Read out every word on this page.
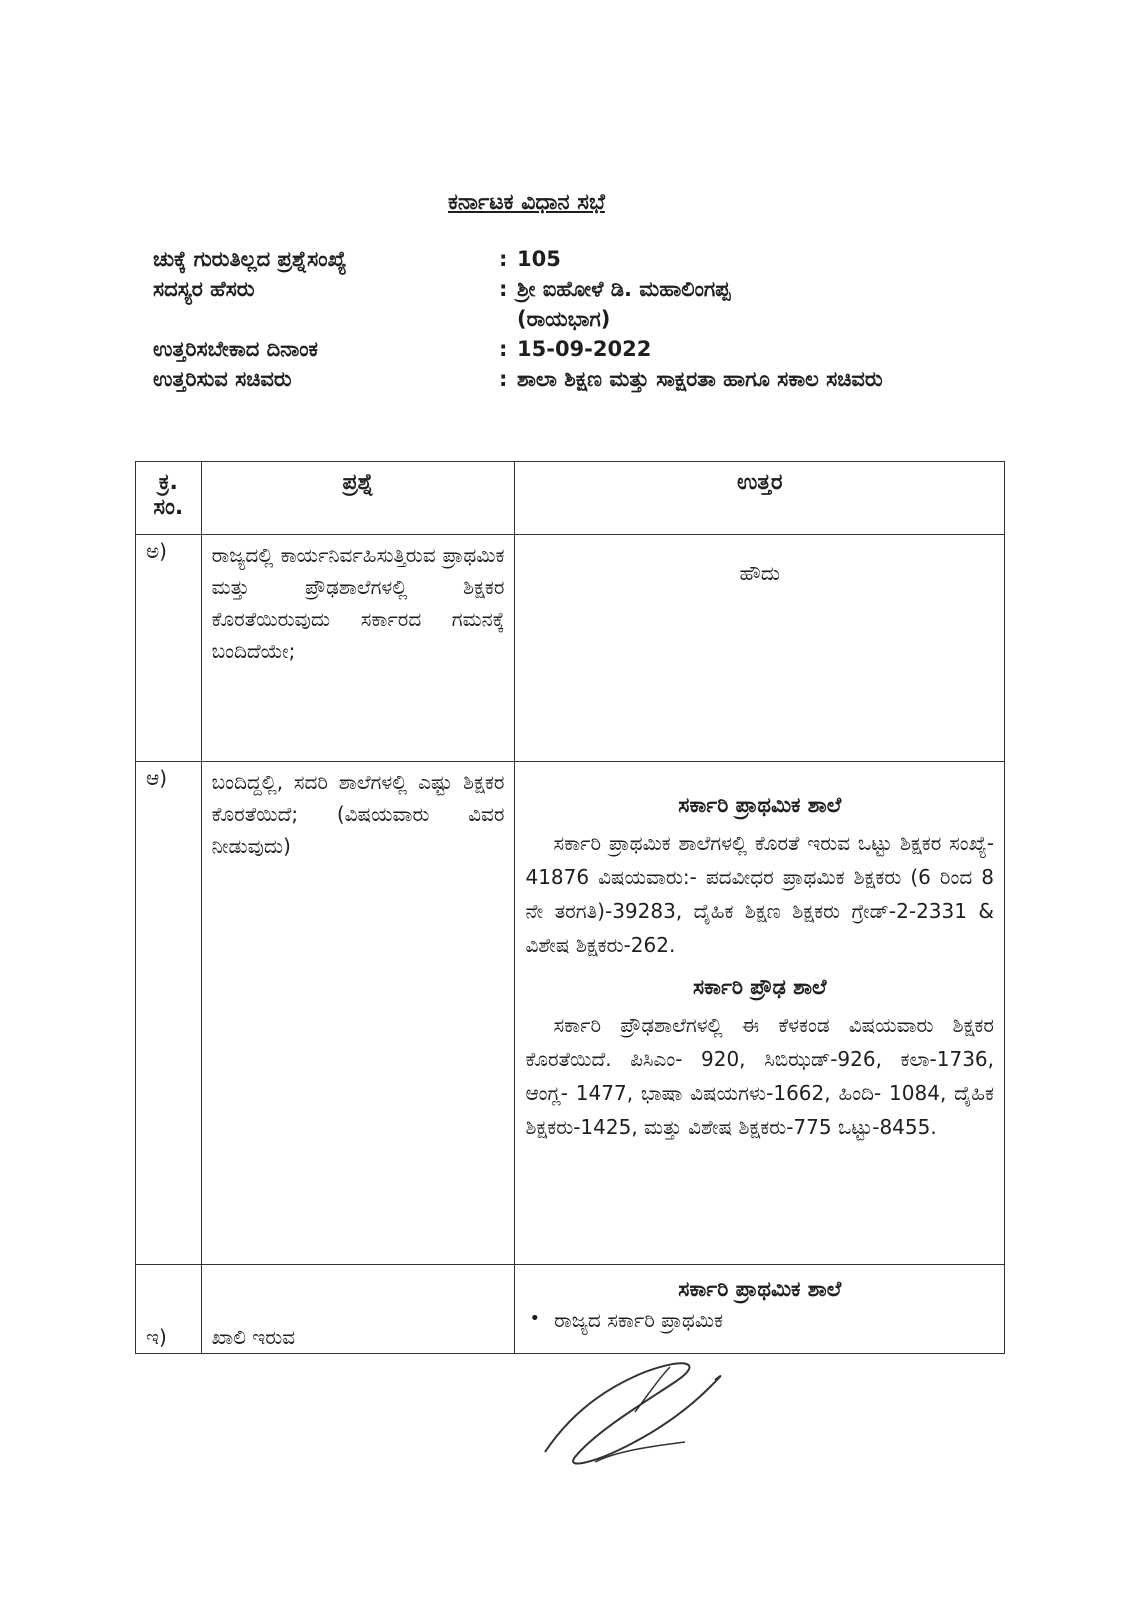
ಕರ್ನಾಟಕ ವಿಧಾನ ಸಭೆ
ಚುಕ್ಕೆ ಗುರುತಿಲ್ಲದ ಪ್ರಶ್ನೆಸಂಖ್ಯೆ	: 105
ಸದಸ್ಯರ ಹೆಸರು	: ಶ್ರೀ ಐಹೋಳೆ ಡಿ. ಮಹಾಲಿಂಗಪ್ಪ
(ರಾಯಭಾಗ)
ಉತ್ತರಿಸಬೇಕಾದ ದಿನಾಂಕ	: 15-09-2022
ಉತ್ತರಿಸುವ ಸಚಿವರು	: ಶಾಲಾ ಶಿಕ್ಷಣ ಮತ್ತು ಸಾಕ್ಷರತಾ ಹಾಗೂ ಸಕಾಲ ಸಚಿವರು
ಕ್ರ. ಸಂ.	ಪ್ರಶ್ನೆ	ಉತ್ತರ
ಅ)	ರಾಜ್ಯದಲ್ಲಿ ಕಾರ್ಯನಿರ್ವಹಿಸುತ್ತಿರುವ ಪ್ರಾಥಮಿಕ ಮತ್ತು ಪ್ರೌಢಶಾಲೆಗಳಲ್ಲಿ ಶಿಕ್ಷಕರ ಕೊರತೆಯಿರುವುದು ಸರ್ಕಾರದ ಗಮನಕ್ಕೆ ಬಂದಿದೆಯೇ;	ಹೌದು
ಆ)	ಬಂದಿದ್ದಲ್ಲಿ, ಸದರಿ ಶಾಲೆಗಳಲ್ಲಿ ಎಷ್ಟು ಶಿಕ್ಷಕರ ಕೊರತೆಯಿದೆ; (ವಿಷಯವಾರು ವಿವರ ನೀಡುವುದು)	ಸರ್ಕಾರಿ ಪ್ರಾಥಮಿಕ ಶಾಲೆ

ಸರ್ಕಾರಿ ಪ್ರಾಥಮಿಕ ಶಾಲೆಗಳಲ್ಲಿ ಕೊರತೆ ಇರುವ ಒಟ್ಟು ಶಿಕ್ಷಕರ ಸಂಖ್ಯೆ- 41876 ವಿಷಯವಾರು:- ಪದವೀಧರ ಪ್ರಾಥಮಿಕ ಶಿಕ್ಷಕರು (6 ರಿಂದ 8 ನೇ ತರಗತಿ)-39283, ದೈಹಿಕ ಶಿಕ್ಷಣ ಶಿಕ್ಷಕರು ಗ್ರೇಡ್-2-2331 & ವಿಶೇಷ ಶಿಕ್ಷಕರು-262.

ಸರ್ಕಾರಿ ಪ್ರೌಢ ಶಾಲೆ

ಸರ್ಕಾರಿ ಪ್ರೌಢಶಾಲೆಗಳಲ್ಲಿ ಈ ಕೆಳಕಂಡ ವಿಷಯವಾರು ಶಿಕ್ಷಕರ ಕೊರತೆಯಿದೆ. ಪಿಸಿಎಂ- 920, ಸಿಬಿಝಡ್-926, ಕಲಾ-1736, ಆಂಗ್ಲ- 1477, ಭಾಷಾ ವಿಷಯಗಳು-1662, ಹಿಂದಿ- 1084, ದೈಹಿಕ ಶಿಕ್ಷಕರು-1425, ಮತ್ತು ವಿಶೇಷ ಶಿಕ್ಷಕರು-775 ಒಟ್ಟು-8455.

ಇ)	ಖಾಲಿ ಇರುವ	ಸರ್ಕಾರಿ ಪ್ರಾಥಮಿಕ ಶಾಲೆ
• ರಾಜ್ಯದ ಸರ್ಕಾರಿ ಪ್ರಾಥಮಿಕ
